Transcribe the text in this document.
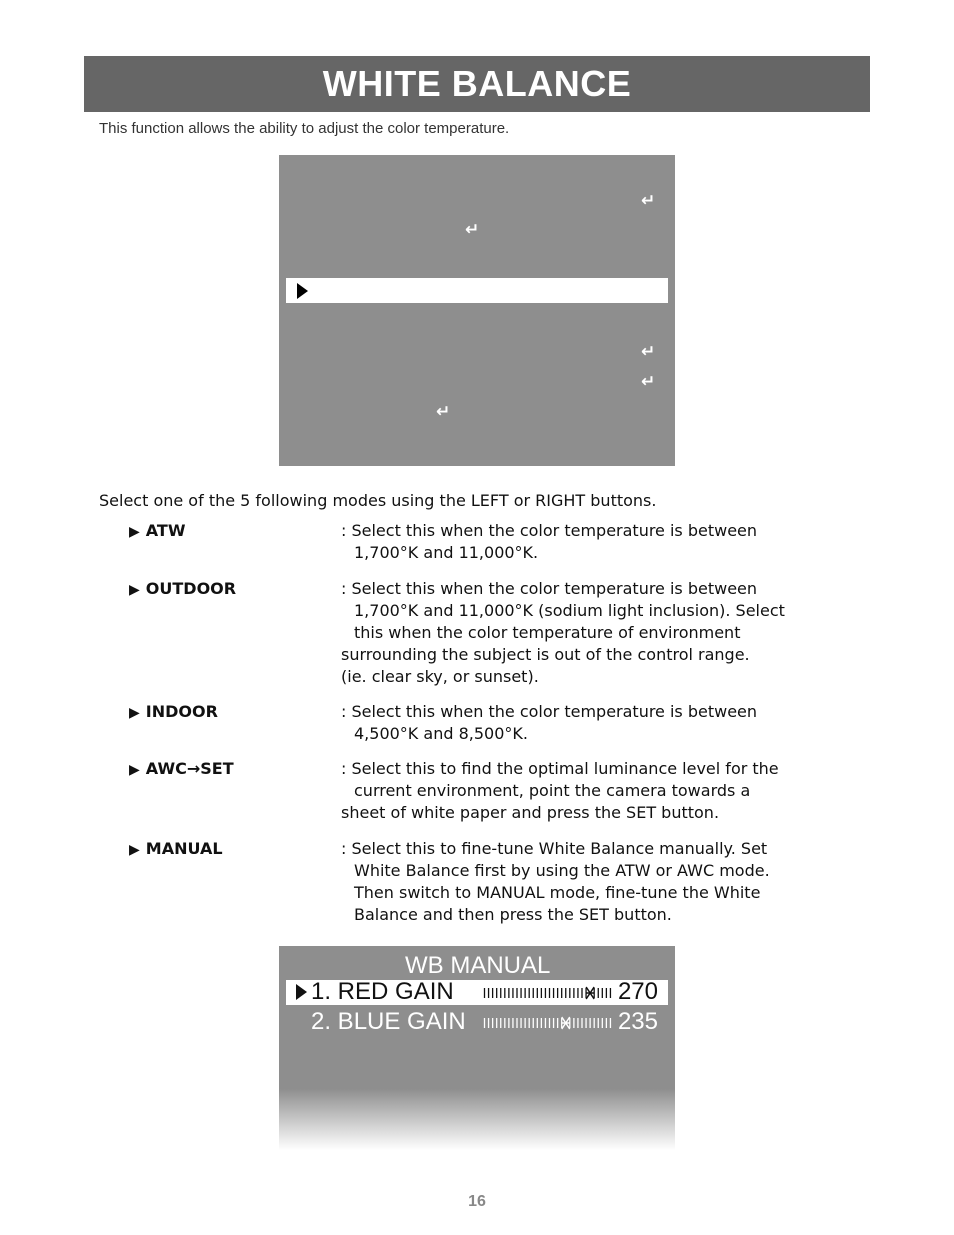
WHITE BALANCE
This function allows the ability to adjust the color temperature.
↵
↵
↵
↵
↵
Select one of the 5 following modes using the LEFT or RIGHT buttons.
▶ ATW	: Select this when the color temperature is between
1,700°K and 11,000°K.
▶ OUTDOOR	: Select this when the color temperature is between
1,700°K and 11,000°K (sodium light inclusion). Select
this when the color temperature of environment
surrounding the subject is out of the control range.
(ie. clear sky, or sunset).
▶ INDOOR	: Select this when the color temperature is between
4,500°K and 8,500°K.
▶ AWC→SET	: Select this to find the optimal luminance level for the
current environment, point the camera towards a
sheet of white paper and press the SET button.
▶ MANUAL	: Select this to fine-tune White Balance manually. Set
White Balance first by using the ATW or AWC mode.
Then switch to MANUAL mode, fine-tune the White
Balance and then press the SET button.
WB MANUAL
1. RED GAIN	270
2. BLUE GAIN	235
16
